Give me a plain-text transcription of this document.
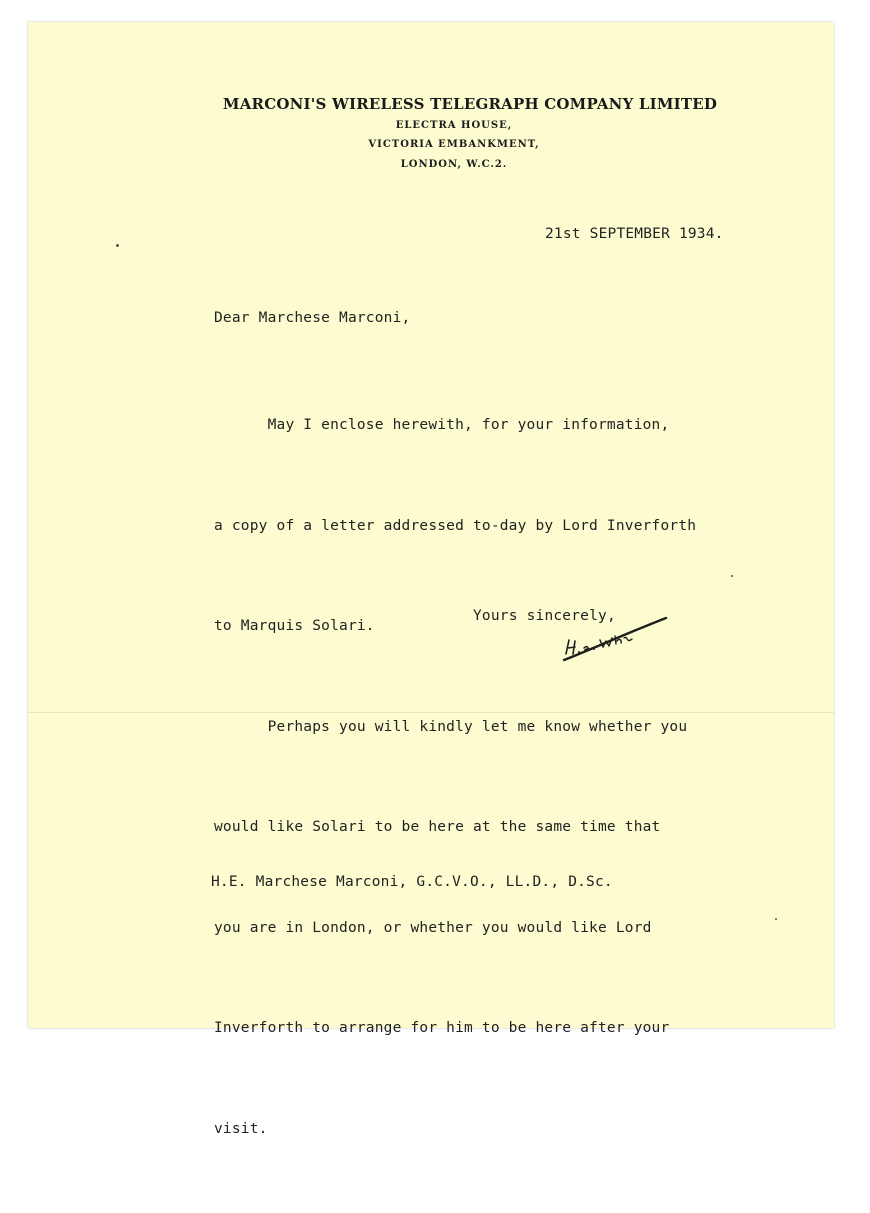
MARCONI'S WIRELESS TELEGRAPH COMPANY LIMITED
ELECTRA HOUSE,
VICTORIA EMBANKMENT,
LONDON, W.C.2.
21st SEPTEMBER 1934.
Dear Marchese Marconi,

May I enclose herewith, for your information,

a copy of a letter addressed to-day by Lord Inverforth

to Marquis Solari.

Perhaps you will kindly let me know whether you

would like Solari to be here at the same time that

you are in London, or whether you would like Lord

Inverforth to arrange for him to be here after your

visit.

Yours sincerely,
H.E. Marchese Marconi, G.C.V.O., LL.D., D.Sc.
